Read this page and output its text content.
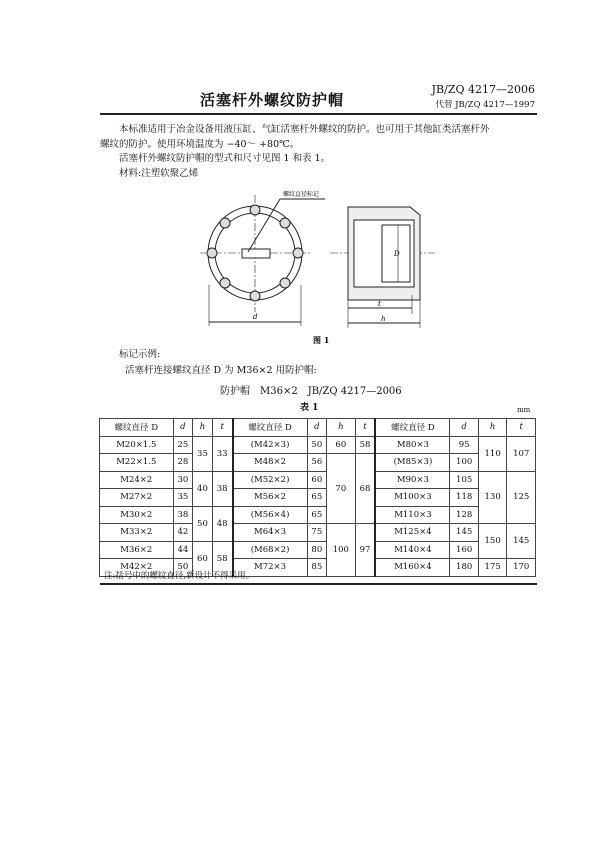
活塞杆外螺纹防护帽
JB/ZQ 4217—2006
代替 JB/ZQ 4217—1997
本标准适用于冶金设备用液压缸、气缸活塞杆外螺纹的防护。也可用于其他缸类活塞杆外
螺纹的防护。使用环境温度为 −40～ +80℃。
活塞杆外螺纹防护帽的型式和尺寸见图 1 和表 1。
材料:注塑软聚乙烯
螺纹直径标记
d
D
t
h
图 1
标记示例:
活塞杆连接螺纹直径 D 为 M36×2 用防护帽:
防护帽　M36×2　JB/ZQ 4217—2006
表 1	mm
螺纹直径 D	d	h	t	螺纹直径 D	d	h	t	螺纹直径 D	d	h	t
M20×1.5	25	35	33	(M42×3)	50	60	58	M80×3	95	110	107
M22×1.5	28			M48×2	56	70	68	(M85×3)	100		
M24×2	30	40	38	(M52×2)	60			M90×3	105	130	125
M27×2	35			M56×2	65			M100×3	118		
M30×2	38	50	48	(M56×4)	65			M110×3	128		
M33×2	42			M64×3	75	100	97	M125×4	145	150	145
M36×2	44	60	58	(M68×2)	80			M140×4	160		
M42×2	50			M72×3	85			M160×4	180	175	170
注:括号中的螺纹直径,新设计不得采用。
